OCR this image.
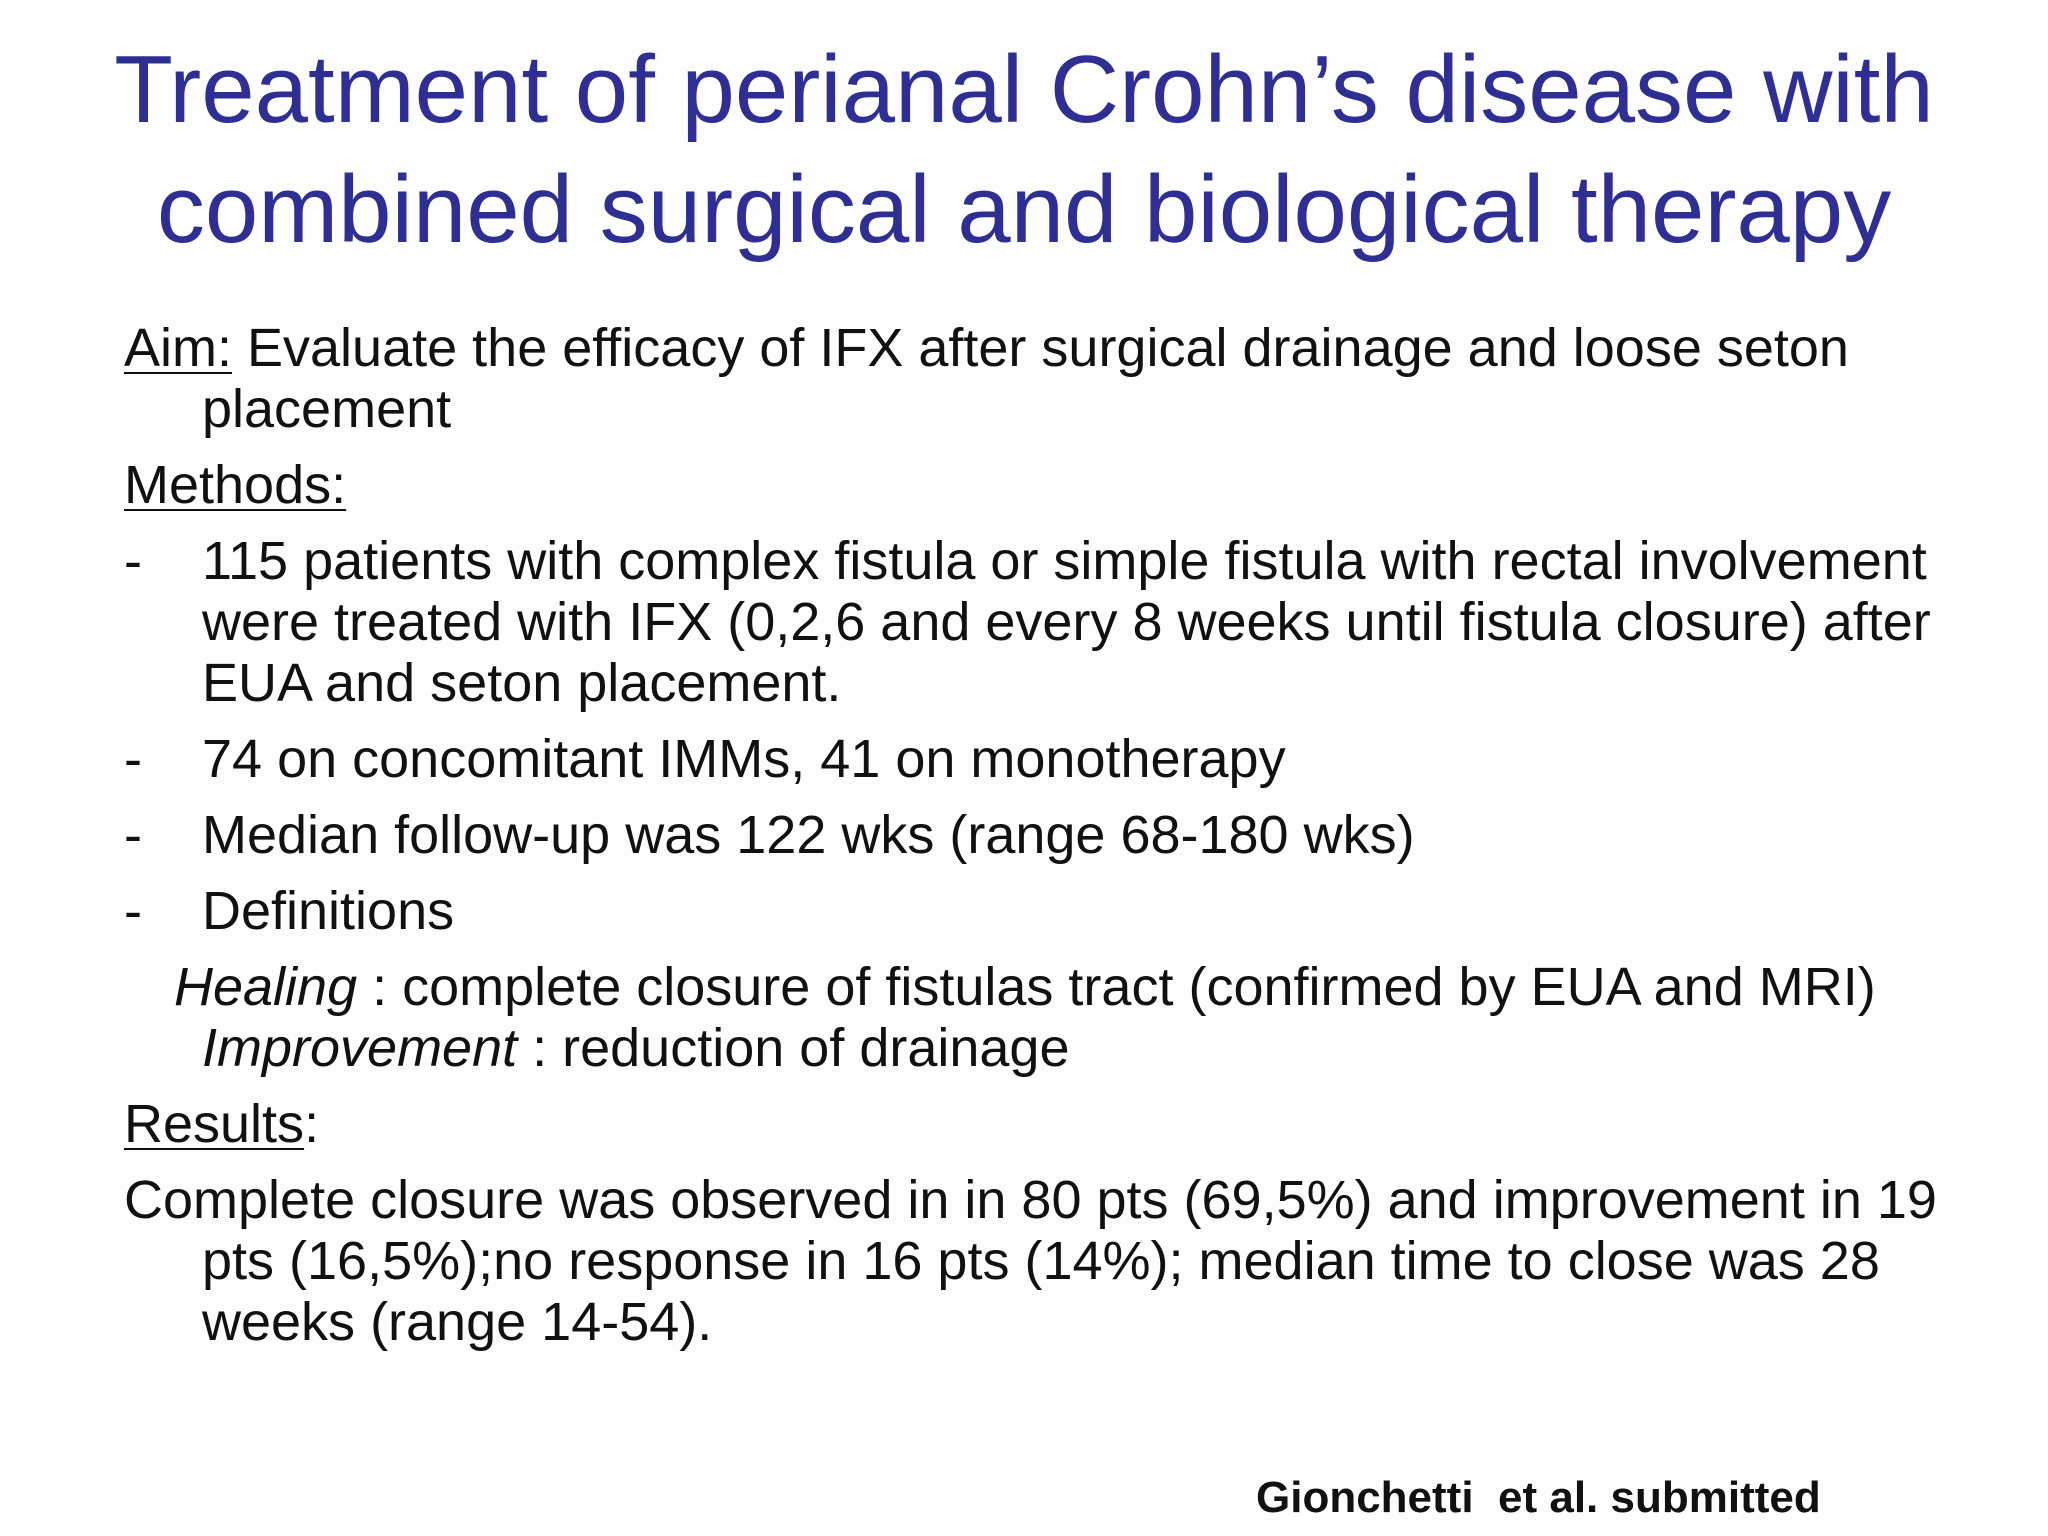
Treatment of perianal Crohn’s disease with
combined surgical and biological therapy

Aim: Evaluate the efficacy of IFX after surgical drainage and loose seton placement

Methods:

-	115 patients with complex fistula or simple fistula with rectal involvement were treated with IFX (0,2,6 and every 8 weeks until fistula closure) after EUA and seton placement.

-	74 on concomitant IMMs, 41 on monotherapy

-	Median follow-up was 122 wks (range 68-180 wks)

-	Definitions

Healing : complete closure of fistulas tract (confirmed by EUA and MRI)

Improvement : reduction of drainage

Results:

Complete closure was observed in in 80 pts (69,5%) and improvement in 19 pts (16,5%);no response in 16 pts (14%); median time to close was 28 weeks (range 14-54).

Gionchetti  et al. submitted
